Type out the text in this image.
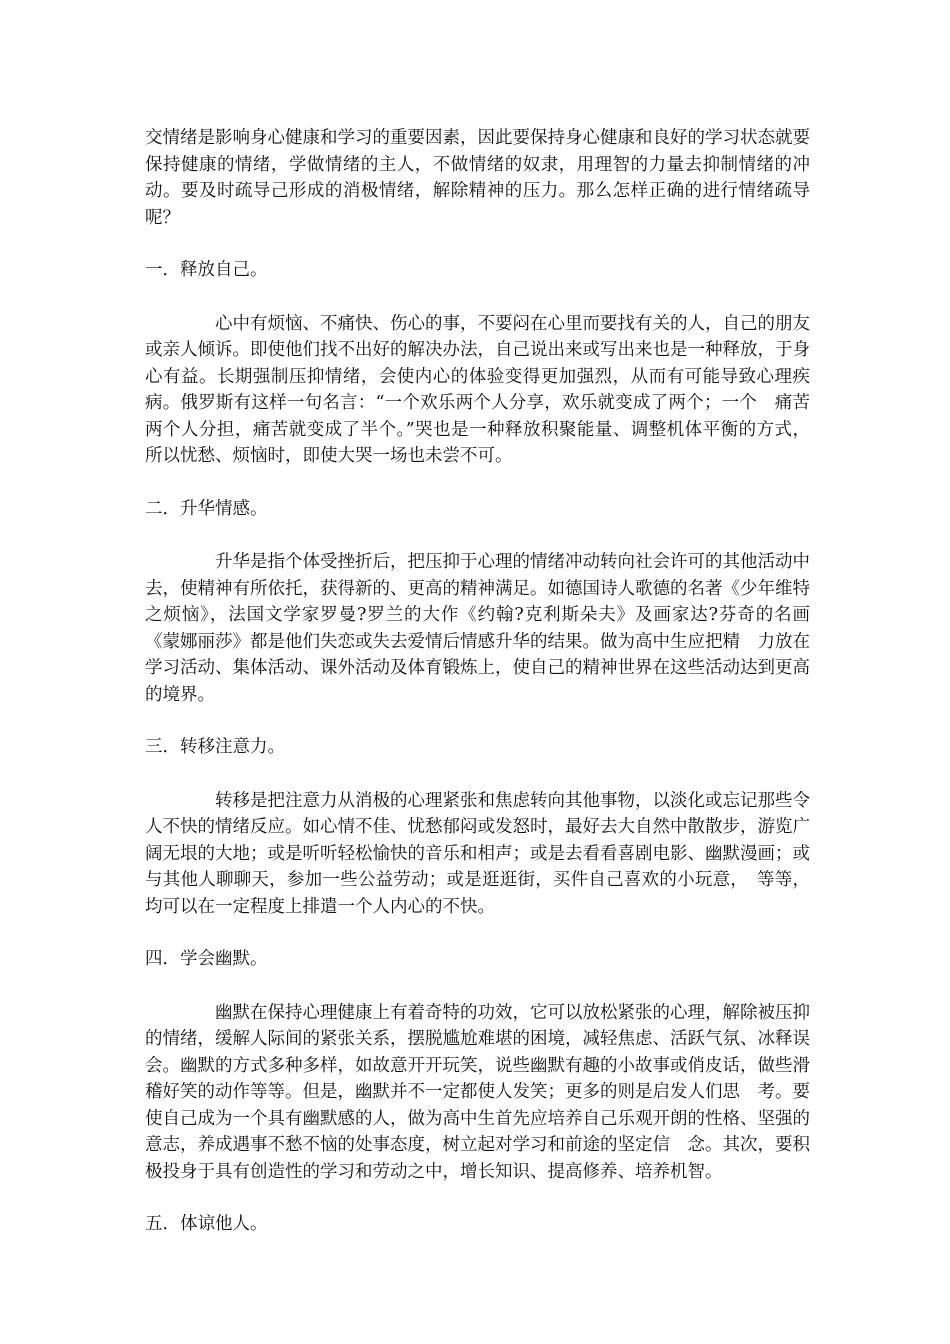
交情绪是影响身心健康和学习的重要因素，因此要保持身心健康和良好的学习状态就要保持健康的情绪，学做情绪的主人，不做情绪的奴隶，用理智的力量去抑制情绪的冲动。要及时疏导己形成的消极情绪，解除精神的压力。那么怎样正确的进行情绪疏导呢？

一．释放自己。

心中有烦恼、不痛快、伤心的事，不要闷在心里而要找有关的人，自己的朋友或亲人倾诉。即使他们找不出好的解决办法，自己说出来或写出来也是一种释放，于身　心有益。长期强制压抑情绪，会使内心的体验变得更加强烈，从而有可能导致心理疾病。俄罗斯有这样一句名言：“一个欢乐两个人分享，欢乐就变成了两个；一个　痛苦两个人分担，痛苦就变成了半个。”哭也是一种释放积聚能量、调整机体平衡的方式，所以忧愁、烦恼时，即使大哭一场也未尝不可。

二．升华情感。

升华是指个体受挫折后，把压抑于心理的情绪冲动转向社会许可的其他活动中去，使精神有所依托，获得新的、更高的精神满足。如德国诗人歌德的名著《少年维特　之烦恼》，法国文学家罗曼?罗兰的大作《约翰?克利斯朵夫》及画家达?芬奇的名画《蒙娜丽莎》都是他们失恋或失去爱情后情感升华的结果。做为高中生应把精　力放在学习活动、集体活动、课外活动及体育锻炼上，使自己的精神世界在这些活动达到更高的境界。

三．转移注意力。

转移是把注意力从消极的心理紧张和焦虑转向其他事物，以淡化或忘记那些令人不快的情绪反应。如心情不佳、忧愁郁闷或发怒时，最好去大自然中散散步，游览广　阔无垠的大地；或是听听轻松愉快的音乐和相声；或是去看看喜剧电影、幽默漫画；或与其他人聊聊天，参加一些公益劳动；或是逛逛街，买件自己喜欢的小玩意，　等等，均可以在一定程度上排遣一个人内心的不快。

四．学会幽默。

幽默在保持心理健康上有着奇特的功效，它可以放松紧张的心理，解除被压抑的情绪，缓解人际间的紧张关系，摆脱尴尬难堪的困境，减轻焦虑、活跃气氛、冰释误　会。幽默的方式多种多样，如故意开开玩笑，说些幽默有趣的小故事或俏皮话，做些滑稽好笑的动作等等。但是，幽默并不一定都使人发笑；更多的则是启发人们思　考。要使自己成为一个具有幽默感的人，做为高中生首先应培养自己乐观开朗的性格、坚强的意志，养成遇事不愁不恼的处事态度，树立起对学习和前途的坚定信　念。其次，要积极投身于具有创造性的学习和劳动之中，增长知识、提高修养、培养机智。

五．体谅他人。
